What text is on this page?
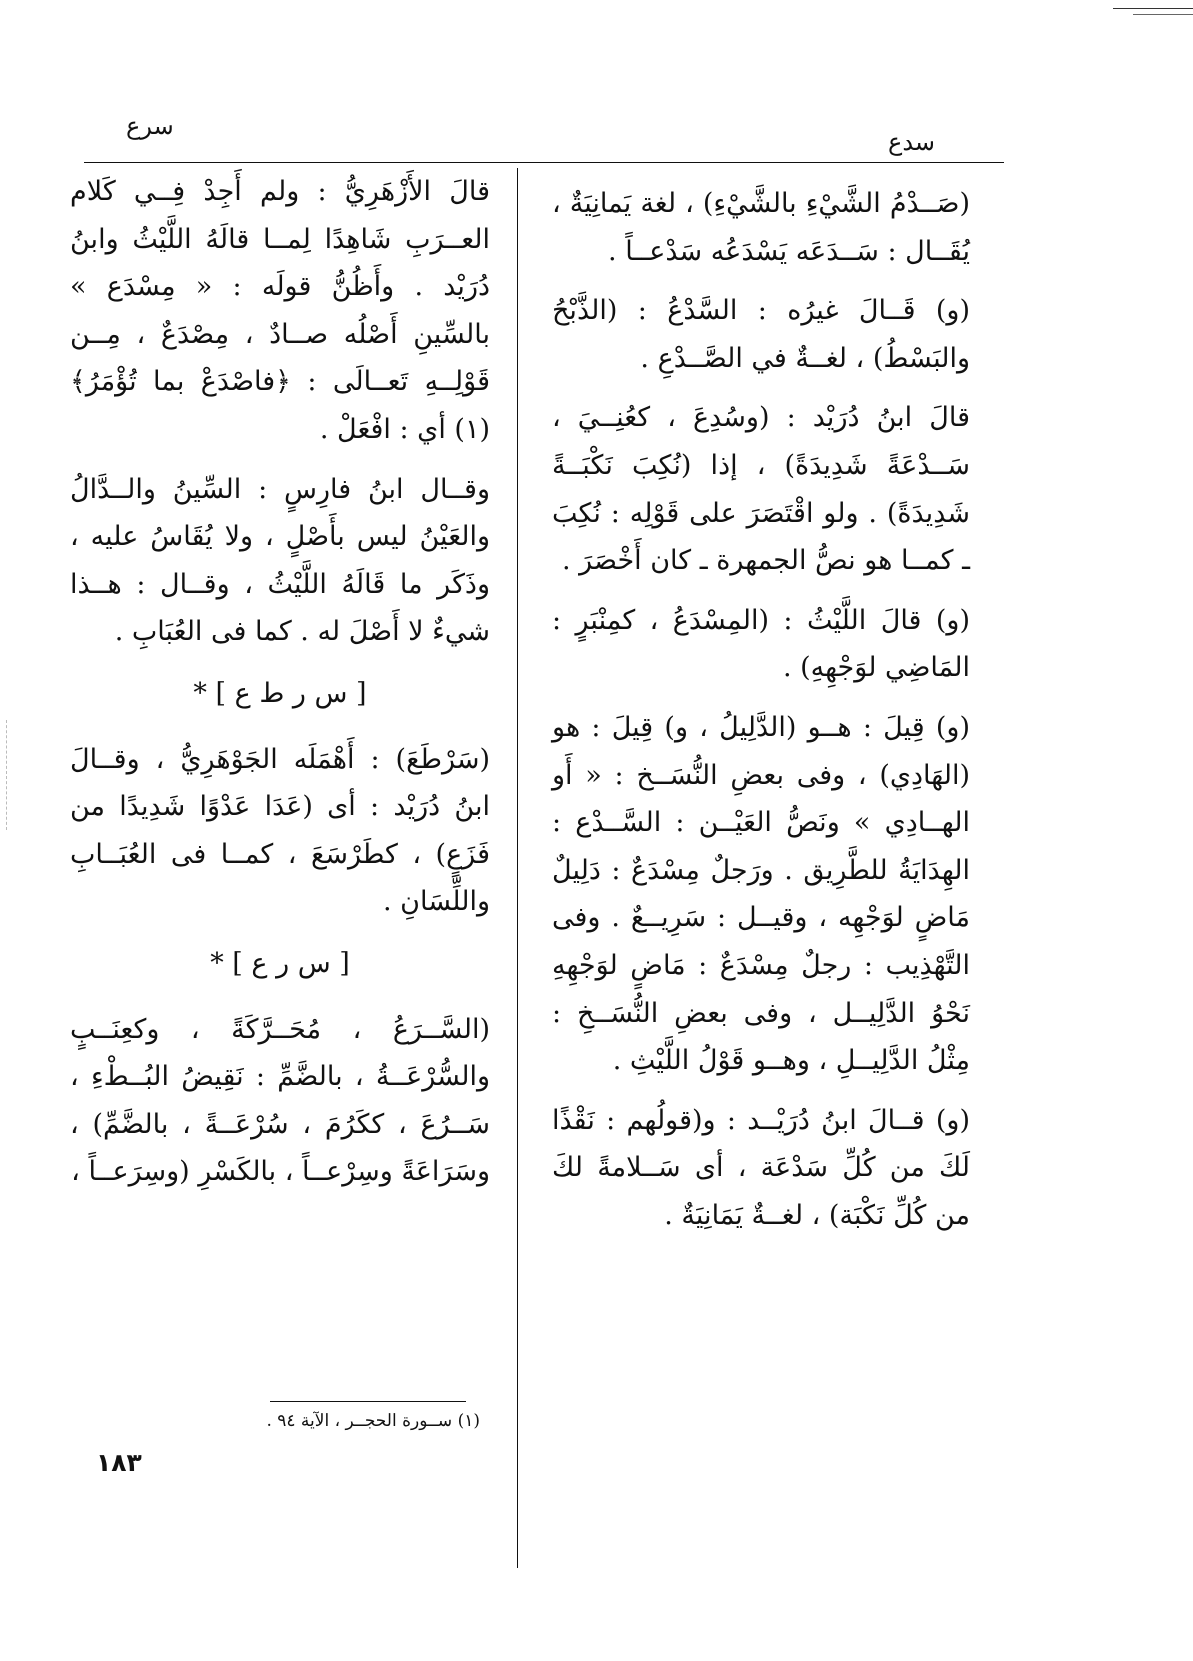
سرع
سدع

(صَــدْمُ الشَّيْءِ بالشَّيْءِ) ، لغة يَمانِيَةٌ ، يُقَــال : سَــدَعَه يَسْدَعُه سَدْعــاً .

(و) قَــالَ غيرُه : السَّدْعُ : (الذَّبْحُ والبَسْطُ) ، لغــةٌ في الصَّــدْعِ .

قالَ ابنُ دُرَيْد : (وسُدِعَ ، كعُنِــيَ ، سَــدْعَةً شَدِيدَةً) ، إذا (نُكِبَ نَكْبَــةً شَدِيدَةً) . ولو اقْتَصَرَ على قَوْلِه : نُكِبَ ـ كمــا هو نصُّ الجمهرة ـ كان أَخْصَرَ .

(و) قالَ اللَّيْثُ : (المِسْدَعُ ، كمِنْبَرٍ : المَاضِي لوَجْهِهِ) .

(و) قِيلَ : هــو (الدَّلِيلُ ، و) قِيلَ : هو (الهَادِي) ، وفى بعضِ النُّسَــخ : « أَو الهــادِي » ونَصُّ العَيْــن : السَّــدْع : الهِدَايَةُ للطَّرِيق . ورَجلٌ مِسْدَعٌ : دَلِيلٌ مَاضٍ لوَجْهِه ، وقيــل : سَرِيــعٌ . وفى التَّهْذِيب : رجلٌ مِسْدَعٌ : مَاضٍ لوَجْهِهِ نَحْوُ الدَّلِيــل ، وفى بعضِ النُّسَــخِ : مِثْلُ الدَّلِيــلِ ، وهــو قَوْلُ اللَّيْثِ .

(و) قــالَ ابنُ دُرَيْــد : و(قولُهم : نَقْذًا لَكَ من كُلِّ سَدْعَة ، أى سَــلامةً لكَ من كُلِّ نَكْبَة) ، لغــةٌ يَمَانِيَةٌ .

قالَ الأَزْهَرِيُّ : ولم أَجِدْ فِــي كَلام العــرَبِ شَاهِدًا لِمــا قالَهُ اللَّيْثُ وابنُ دُرَيْد . وأَظُنُّ قولَه : « مِسْدَع » بالسِّينِ أَصْلُه صــادٌ ، مِصْدَعٌ ، مِــن قَوْلِــهِ تَعــالَى : ﴿فاصْدَعْ بما تُؤْمَرُ﴾ (١) أي : افْعَلْ .

وقــال ابنُ فارِسٍ : السِّينُ والــدَّالُ والعَيْنُ ليس بأَصْلٍ ، ولا يُقَاسُ عليه ، وذَكَر ما قَالَهُ اللَّيْثُ ، وقــال : هــذا شيءٌ لا أَصْلَ له . كما فى العُبَابِ .

[ س ر ط ع ] *

(سَرْطَعَ) : أَهْمَلَه الجَوْهَرِيُّ ، وقــالَ ابنُ دُرَيْد : أى (عَدَا عَدْوًا شَدِيدًا من فَزَعٍ) ، كطَرْسَعَ ، كمــا فى العُبَــابِ واللِّسَانِ .

[ س ر ع ] *

(السَّــرَعُ ، مُحَــرَّكَةً ، وكعِنَــبٍ والسُّرْعَــةُ ، بالضَّمِّ : نَقِيضُ البُــطْءِ ، سَــرُعَ ، ككَرُمَ ، سُرْعَــةً ، بالضَّمِّ) ، وسَرَاعَةً وسِرْعــاً ، بالكَسْرِ (وسِرَعــاً ،

(١) ســورة الحجــر ، الآية ٩٤ .
١٨٣
